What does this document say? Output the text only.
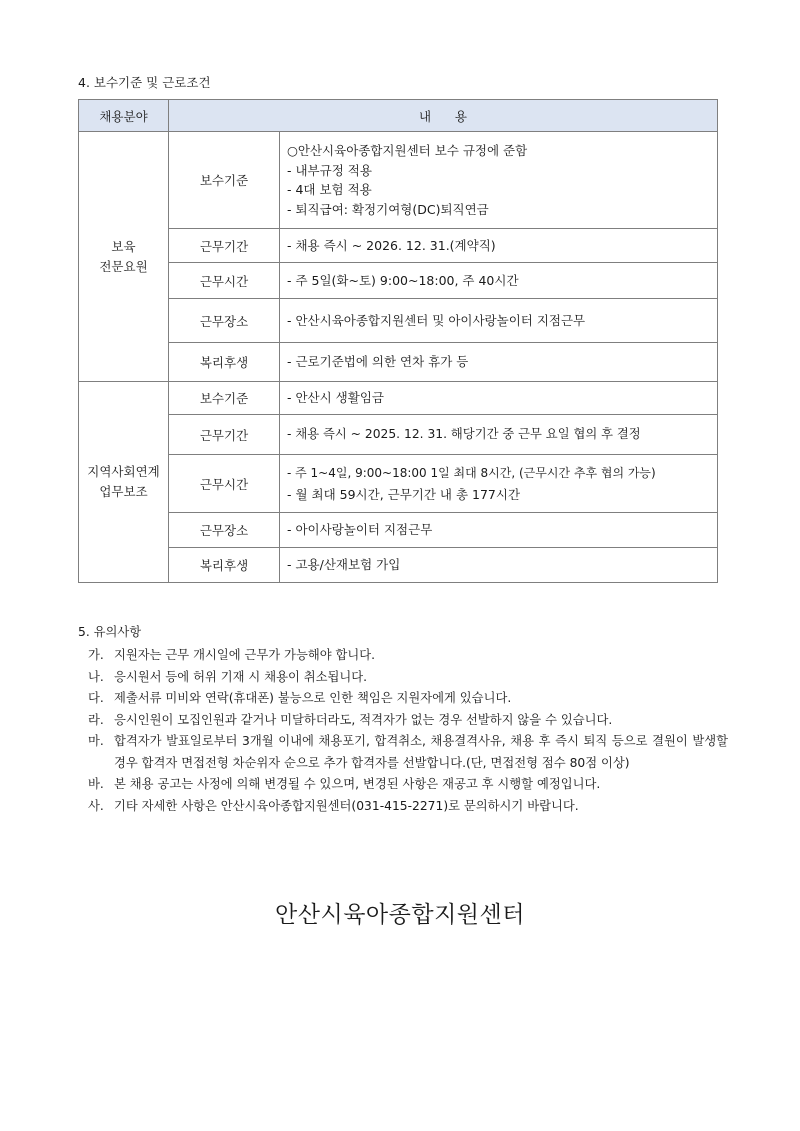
4. 보수기준 및 근로조건
채용분야	내      용	

보육
전문요원	보수기준	○안산시육아종합지원센터 보수 규정에 준함
- 내부규정 적용
- 4대 보험 적용
- 퇴직급여: 확정기여형(DC)퇴직연금

	근무기간	- 채용 즉시 ~ 2026. 12. 31.(계약직)

	근무시간	- 주 5일(화~토) 9:00~18:00, 주 40시간

	근무장소	- 안산시육아종합지원센터 및 아이사랑놀이터 지점근무

	복리후생	- 근로기준법에 의한 연차 휴가 등

지역사회연계
업무보조	보수기준	- 안산시 생활임금

	근무기간	- 채용 즉시 ~ 2025. 12. 31. 해당기간 중 근무 요일 협의 후 결정

	근무시간	- 주 1~4일, 9:00~18:00 1일 최대 8시간, (근무시간 추후 협의 가능)
- 월 최대 59시간, 근무기간 내 총 177시간

	근무장소	- 아이사랑놀이터 지점근무

	복리후생	- 고용/산재보험 가입
5. 유의사항
가. 지원자는 근무 개시일에 근무가 가능해야 합니다.
나. 응시원서 등에 허위 기재 시 채용이 취소됩니다.
다. 제출서류 미비와 연락(휴대폰) 불능으로 인한 책임은 지원자에게 있습니다.
라. 응시인원이 모집인원과 같거나 미달하더라도, 적격자가 없는 경우 선발하지 않을 수 있습니다.
마. 합격자가 발표일로부터 3개월 이내에 채용포기, 합격취소, 채용결격사유, 채용 후 즉시 퇴직 등으로 결원이 발생할 경우 합격자 면접전형 차순위자 순으로 추가 합격자를 선발합니다.(단, 면접전형 점수 80점 이상)
바. 본 채용 공고는 사정에 의해 변경될 수 있으며, 변경된 사항은 재공고 후 시행할 예정입니다.
사. 기타 자세한 사항은 안산시육아종합지원센터(031-415-2271)로 문의하시기 바랍니다.
안산시육아종합지원센터
